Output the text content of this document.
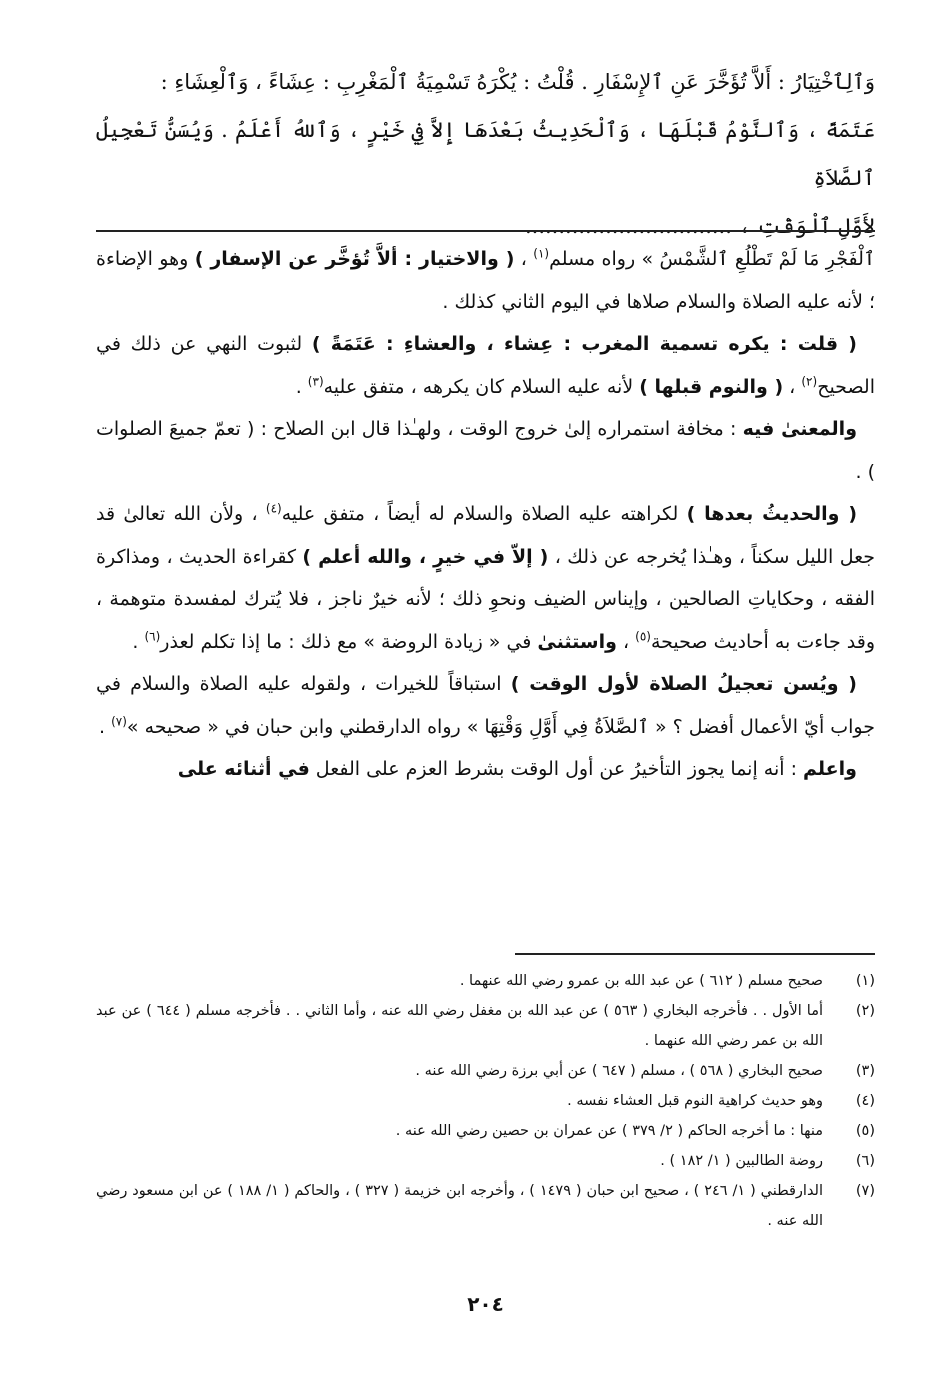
وَٱلِٱخْتِيَارُ : أَلاَّ تُؤَخَّرَ عَنِ ٱلإِسْفَارِ . قُلْتُ : يُكْرَهُ تَسْمِيَةُ ٱلْمَغْرِبِ : عِشَاءً ، وَٱلْعِشَاءِ :

عَتَمَةً ، وَٱلنَّوْمُ قَبْلَهَا ، وَٱلْحَدِيثُ بَعْدَهَا إِلاَّ فِي خَيْرٍ ، وَٱللهُ أَعْلَمُ . وَيُسَنُّ تَعْجِيلُ ٱلصَّلاَةِ

لِأَوَّلِ ٱلْوَقْتِ ، ...............................

ٱلْفَجْرِ مَا لَمْ تَطْلُعِ ٱلشَّمْسُ » رواه مسلم$^{(١)}$ ، ( والاختيار : ألاَّ تُؤخَّر عن الإسفار ) وهو الإضاءة ؛ لأنه عليه الصلاة والسلام صلاها في اليوم الثاني كذلك .

( قلت : يكره تسمية المغرب : عِشاء ، والعشاءِ : عَتَمَةً ) لثبوت النهي عن ذلك في الصحيح$^{(٢)}$ ، ( والنوم قبلها ) لأنه عليه السلام كان يكرهه ، متفق عليه$^{(٣)}$ .

والمعنىٰ فيه : مخافة استمراره إلىٰ خروج الوقت ، ولهـٰذا قال ابن الصلاح : ( تعمّ جميعَ الصلوات ) .

( والحديثُ بعدها ) لكراهته عليه الصلاة والسلام له أيضاً ، متفق عليه$^{(٤)}$ ، ولأن الله تعالىٰ قد جعل الليل سكناً ، وهـٰذا يُخرجه عن ذلك ، ( إلاّ في خيرٍ ، والله أعلم ) كقراءة الحديث ، ومذاكرة الفقه ، وحكاياتِ الصالحين ، وإيناس الضيف ونحوِ ذلك ؛ لأنه خيرٌ ناجز ، فلا يُترك لمفسدة متوهمة ، وقد جاءت به أحاديث صحيحة$^{(٥)}$ ، واستثنىٰ في « زيادة الروضة » مع ذلك : ما إذا تكلم لعذر$^{(٦)}$ .

( ويُسن تعجيلُ الصلاة لأول الوقت ) استباقاً للخيرات ، ولقوله عليه الصلاة والسلام في جواب أيّ الأعمال أفضل ؟ « ٱلصَّلاَةُ فِي أَوَّلِ وَقْتِهَا » رواه الدارقطني وابن حبان في « صحيحه »$^{(٧)}$ .

واعلم : أنه إنما يجوز التأخيرُ عن أول الوقت بشرط العزم على الفعل في أثنائه على

(١)
صحيح مسلم ( ٦١٢ ) عن عبد الله بن عمرو رضي الله عنهما .
(٢)
أما الأول . . فأخرجه البخاري ( ٥٦٣ ) عن عبد الله بن مغفل رضي الله عنه ، وأما الثاني . . فأخرجه مسلم ( ٦٤٤ ) عن عبد الله بن عمر رضي الله عنهما .
(٣)
صحيح البخاري ( ٥٦٨ ) ، مسلم ( ٦٤٧ ) عن أبي برزة رضي الله عنه .
(٤)
وهو حديث كراهية النوم قبل العشاء نفسه .
(٥)
منها : ما أخرجه الحاكم ( ٢/ ٣٧٩ ) عن عمران بن حصين رضي الله عنه .
(٦)
روضة الطالبين ( ١/ ١٨٢ ) .
(٧)
الدارقطني ( ١/ ٢٤٦ ) ، صحيح ابن حبان ( ١٤٧٩ ) ، وأخرجه ابن خزيمة ( ٣٢٧ ) ، والحاكم ( ١/ ١٨٨ ) عن ابن مسعود رضي الله عنه .
٢٠٤
